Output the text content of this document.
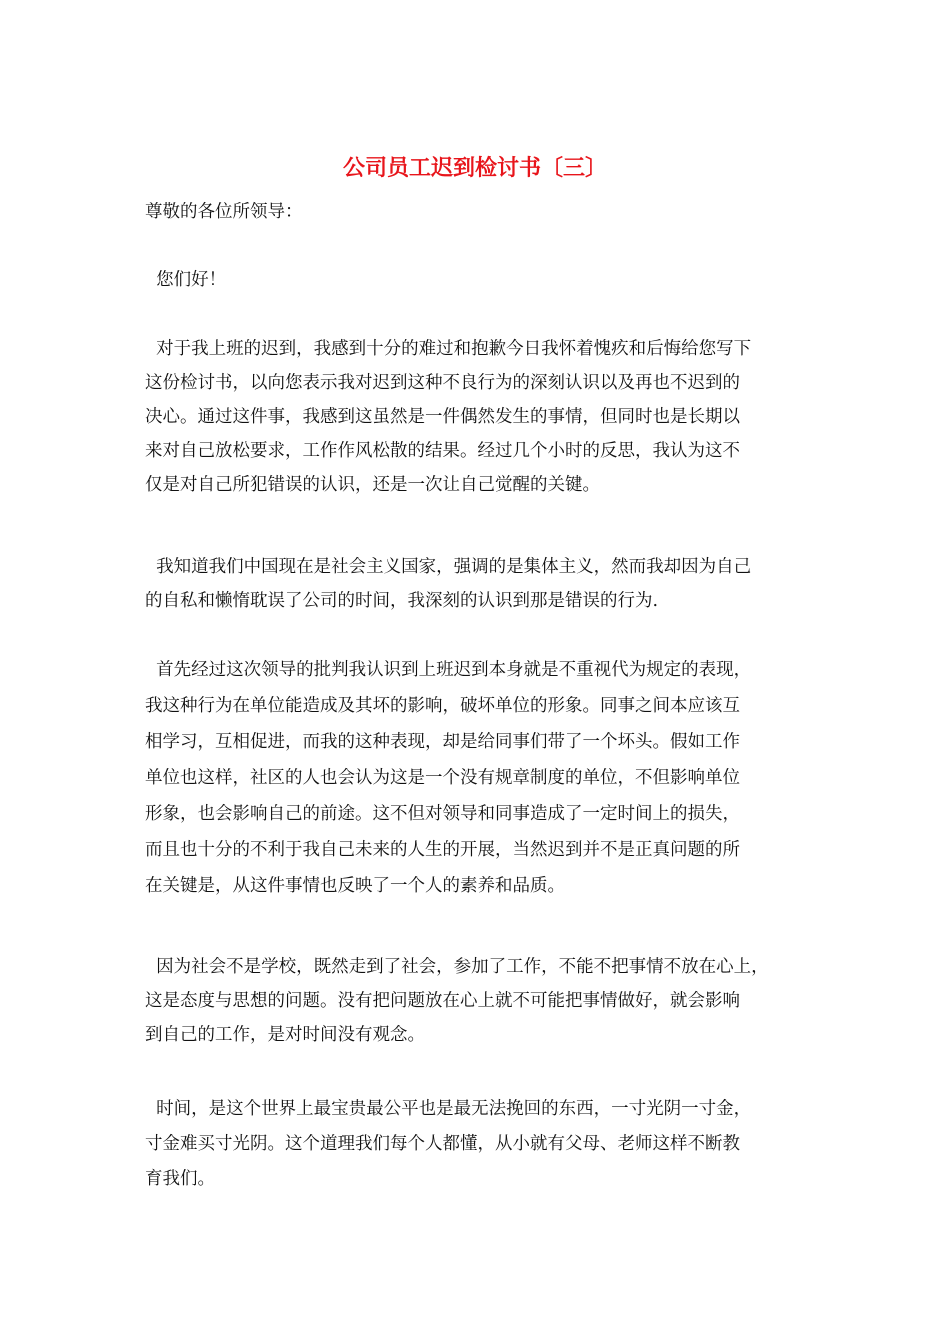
公司员工迟到检讨书〔三〕

尊敬的各位所领导：

您们好！

对于我上班的迟到，我感到十分的难过和抱歉今日我怀着愧疚和后悔给您写下

这份检讨书，以向您表示我对迟到这种不良行为的深刻认识以及再也不迟到的

决心。通过这件事，我感到这虽然是一件偶然发生的事情，但同时也是长期以

来对自己放松要求，工作作风松散的结果。经过几个小时的反思，我认为这不

仅是对自己所犯错误的认识，还是一次让自己觉醒的关键。

我知道我们中国现在是社会主义国家，强调的是集体主义，然而我却因为自己

的自私和懒惰耽误了公司的时间，我深刻的认识到那是错误的行为.

首先经过这次领导的批判我认识到上班迟到本身就是不重视代为规定的表现，

我这种行为在单位能造成及其坏的影响，破坏单位的形象。同事之间本应该互

相学习，互相促进，而我的这种表现，却是给同事们带了一个坏头。假如工作

单位也这样，社区的人也会认为这是一个没有规章制度的单位，不但影响单位

形象，也会影响自己的前途。这不但对领导和同事造成了一定时间上的损失，

而且也十分的不利于我自己未来的人生的开展，当然迟到并不是正真问题的所

在关键是，从这件事情也反映了一个人的素养和品质。

因为社会不是学校，既然走到了社会，参加了工作，不能不把事情不放在心上，

这是态度与思想的问题。没有把问题放在心上就不可能把事情做好，就会影响

到自己的工作，是对时间没有观念。

时间，是这个世界上最宝贵最公平也是最无法挽回的东西，一寸光阴一寸金，

寸金难买寸光阴。这个道理我们每个人都懂，从小就有父母、老师这样不断教

育我们。
